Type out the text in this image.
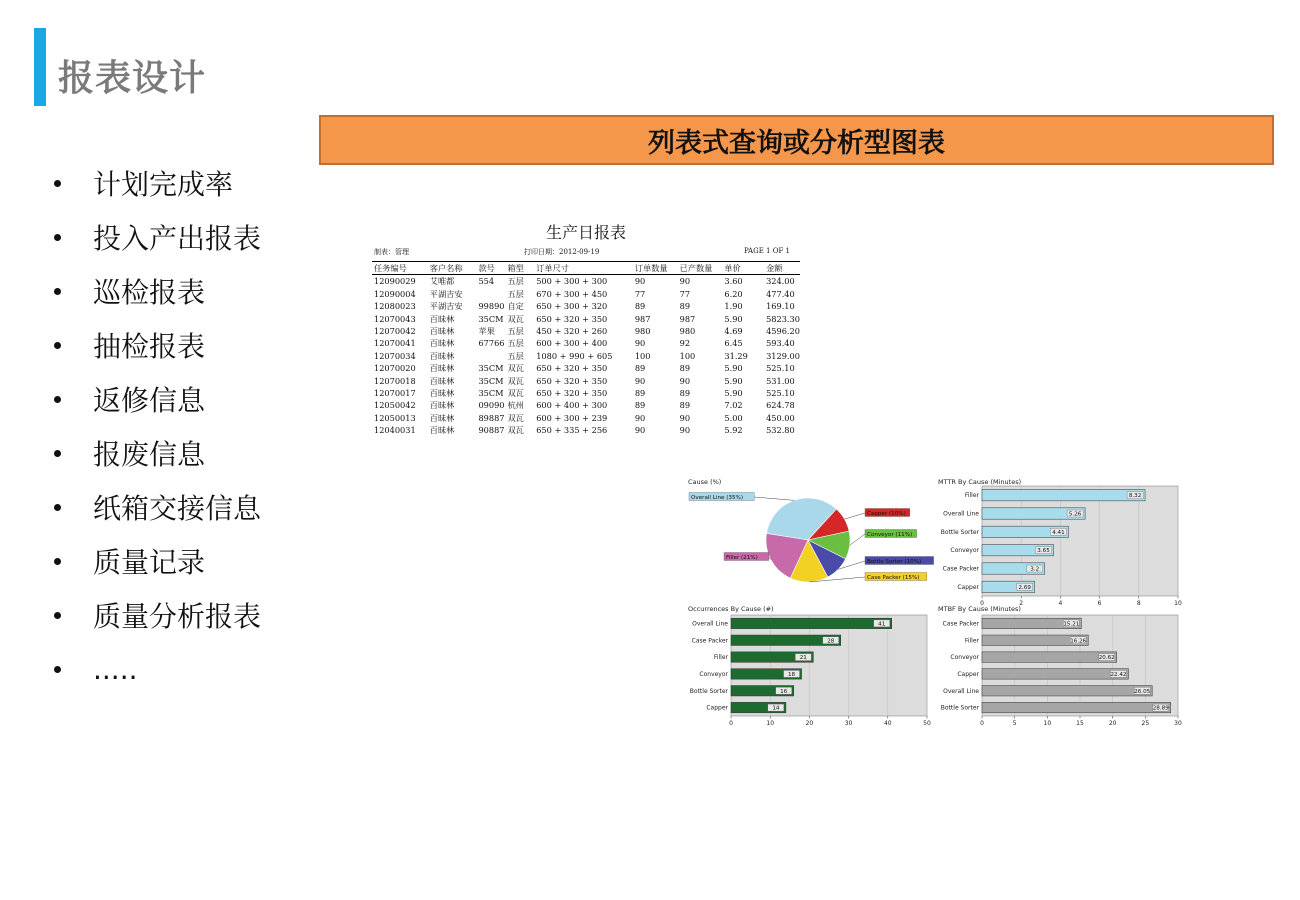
报表设计
计划完成率
投入产出报表
巡检报表
抽检报表
返修信息
报废信息
纸箱交接信息
质量记录
质量分析报表
.....
列表式查询或分析型图表
生产日报表
制表：管理	打印日期：2012-09-19	PAGE 1 OF 1
任务编号	客户名称	款号	箱型	订单尺寸	订单数量	已产数量	单价	金额
12090029	艾唯都	554	五层	500 + 300 + 300	90	90	3.60	324.00
12090004	平湖吉安		五层	670 + 300 + 450	77	77	6.20	477.40
12080023	平湖吉安	99890	自定	650 + 300 + 320	89	89	1.90	169.10
12070043	百昧林	35CM	双瓦	650 + 320 + 350	987	987	5.90	5823.30
12070042	百昧林	苹果	五层	450 + 320 + 260	980	980	4.69	4596.20
12070041	百昧林	67766	五层	600 + 300 + 400	90	92	6.45	593.40
12070034	百昧林		五层	1080 + 990 + 605	100	100	31.29	3129.00
12070020	百昧林	35CM	双瓦	650 + 320 + 350	89	89	5.90	525.10
12070018	百昧林	35CM	双瓦	650 + 320 + 350	90	90	5.90	531.00
12070017	百昧林	35CM	双瓦	650 + 320 + 350	89	89	5.90	525.10
12050042	百昧林	09090	杭州	600 + 400 + 300	89	89	7.02	624.78
12050013	百昧林	89887	双瓦	600 + 300 + 239	90	90	5.00	450.00
12040031	百昧林	90887	双瓦	650 + 335 + 256	90	90	5.92	532.80
Cause (%)
Overall Line (35%)
Capper (10%)
Conveyor (11%)
Bottle Sorter (10%)
Case Packer (15%)
Filler (21%)
MTTR By Cause (Minutes)
0	2	4	6	8	10
Filler	8.32
Overall Line	5.26
Bottle Sorter	4.41
Conveyor	3.65
Case Packer	3.2
Capper	2.69
Occurrences By Cause (#)
0	10	20	30	40	50
Overall Line	41
Case Packer	28
Filler	21
Conveyor	18
Bottle Sorter	16
Capper	14
MTBF By Cause (Minutes)
0	5	10	15	20	25	30
Case Packer	15.21
Filler	16.26
Conveyor	20.62
Capper	22.42
Overall Line	26.05
Bottle Sorter	28.89
